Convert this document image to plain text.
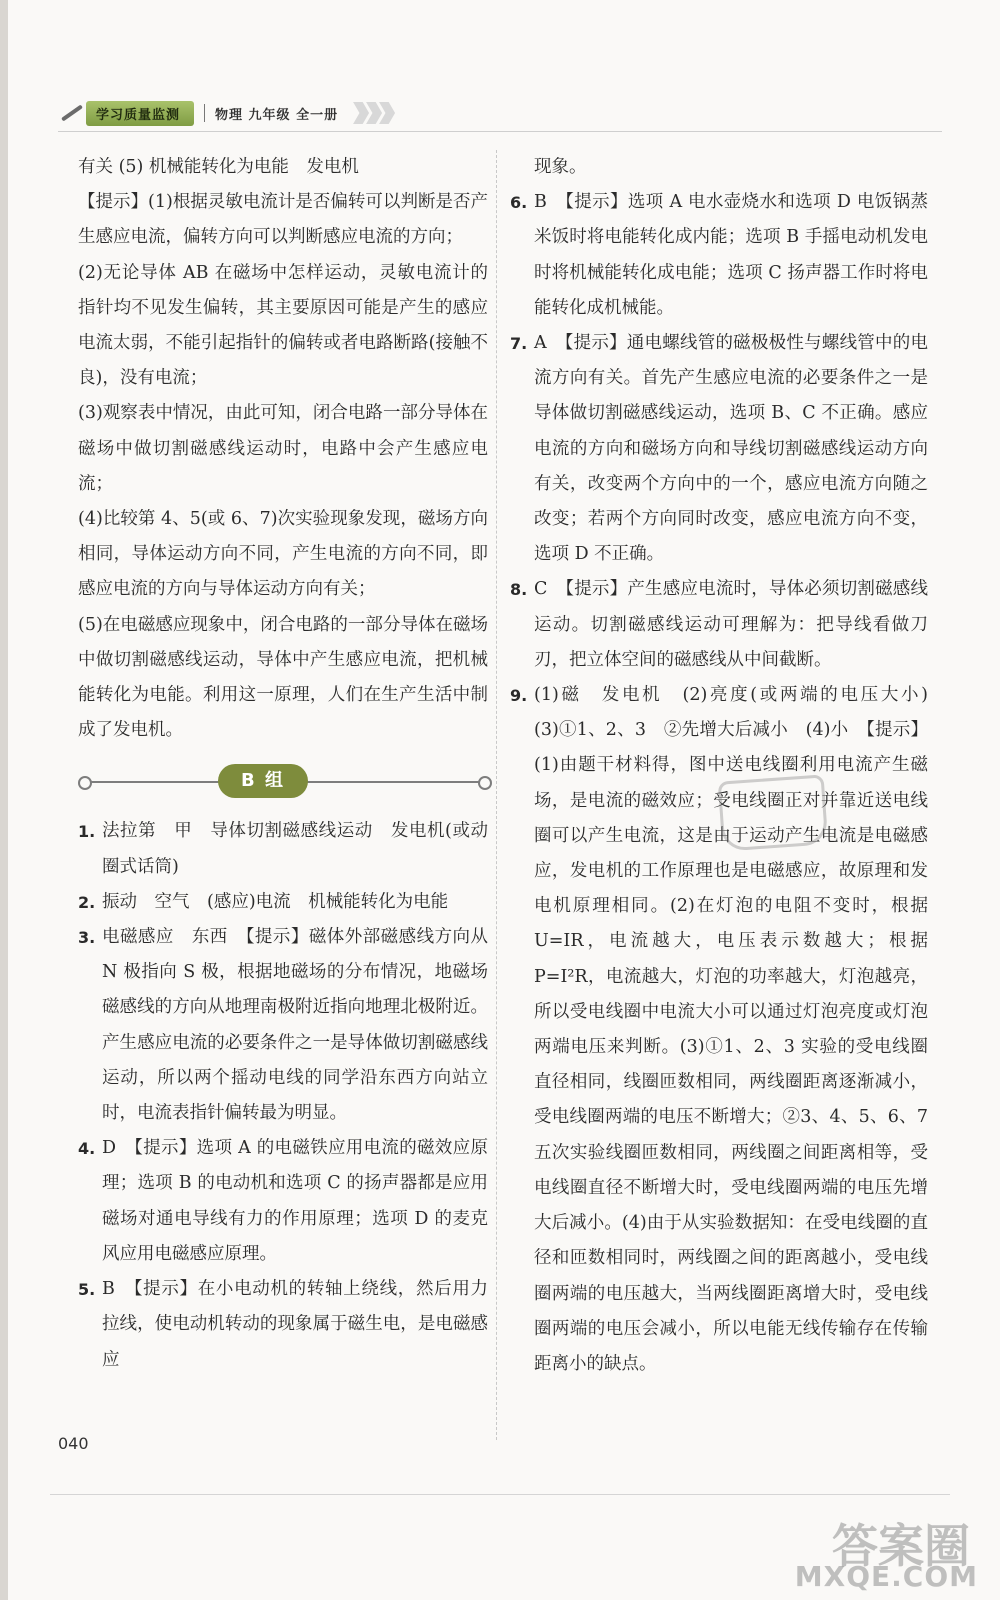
学习质量监测	物理 九年级 全一册

有关 (5) 机械能转化为电能　发电机

【提示】(1)根据灵敏电流计是否偏转可以判断是否产生感应电流，偏转方向可以判断感应电流的方向；

(2)无论导体 AB 在磁场中怎样运动，灵敏电流计的指针均不见发生偏转，其主要原因可能是产生的感应电流太弱，不能引起指针的偏转或者电路断路(接触不良)，没有电流；

(3)观察表中情况，由此可知，闭合电路一部分导体在磁场中做切割磁感线运动时，电路中会产生感应电流；

(4)比较第 4、5(或 6、7)次实验现象发现，磁场方向相同，导体运动方向不同，产生电流的方向不同，即感应电流的方向与导体运动方向有关；

(5)在电磁感应现象中，闭合电路的一部分导体在磁场中做切割磁感线运动，导体中产生感应电流，把机械能转化为电能。利用这一原理，人们在生产生活中制成了发电机。

B 组
1. 法拉第　甲　导体切割磁感线运动　发电机(或动圈式话筒)

2. 振动　空气　(感应)电流　机械能转化为电能

3. 电磁感应　东西　【提示】磁体外部磁感线方向从 N 极指向 S 极，根据地磁场的分布情况，地磁场磁感线的方向从地理南极附近指向地理北极附近。产生感应电流的必要条件之一是导体做切割磁感线运动，所以两个摇动电线的同学沿东西方向站立时，电流表指针偏转最为明显。

4. D　【提示】选项 A 的电磁铁应用电流的磁效应原理；选项 B 的电动机和选项 C 的扬声器都是应用磁场对通电导线有力的作用原理；选项 D 的麦克风应用电磁感应原理。

5. B　【提示】在小电动机的转轴上绕线，然后用力拉线，使电动机转动的现象属于磁生电，是电磁感应

现象。

6. B　【提示】选项 A 电水壶烧水和选项 D 电饭锅蒸米饭时将电能转化成内能；选项 B 手摇电动机发电时将机械能转化成电能；选项 C 扬声器工作时将电能转化成机械能。

7. A　【提示】通电螺线管的磁极极性与螺线管中的电流方向有关。首先产生感应电流的必要条件之一是导体做切割磁感线运动，选项 B、C 不正确。感应电流的方向和磁场方向和导线切割磁感线运动方向有关，改变两个方向中的一个，感应电流方向随之改变；若两个方向同时改变，感应电流方向不变，选项 D 不正确。

8. C　【提示】产生感应电流时，导体必须切割磁感线运动。切割磁感线运动可理解为：把导线看做刀刃，把立体空间的磁感线从中间截断。

9. (1)磁　发电机　(2)亮度(或两端的电压大小)　(3)①1、2、3　②先增大后减小　(4)小　【提示】(1)由题干材料得，图中送电线圈利用电流产生磁场，是电流的磁效应；受电线圈正对并靠近送电线圈可以产生电流，这是由于运动产生电流是电磁感应，发电机的工作原理也是电磁感应，故原理和发电机原理相同。(2)在灯泡的电阻不变时，根据 U=IR，电流越大，电压表示数越大；根据 P=I²R，电流越大，灯泡的功率越大，灯泡越亮，所以受电线圈中电流大小可以通过灯泡亮度或灯泡两端电压来判断。(3)①1、2、3 实验的受电线圈直径相同，线圈匝数相同，两线圈距离逐渐减小，受电线圈两端的电压不断增大；②3、4、5、6、7 五次实验线圈匝数相同，两线圈之间距离相等，受电线圈直径不断增大时，受电线圈两端的电压先增大后减小。(4)由于从实验数据知：在受电线圈的直径和匝数相同时，两线圈之间的距离越小，受电线圈两端的电压越大，当两线圈距离增大时，受电线圈两端的电压会减小，所以电能无线传输存在传输距离小的缺点。

040
答案圈
MXQE.COM
